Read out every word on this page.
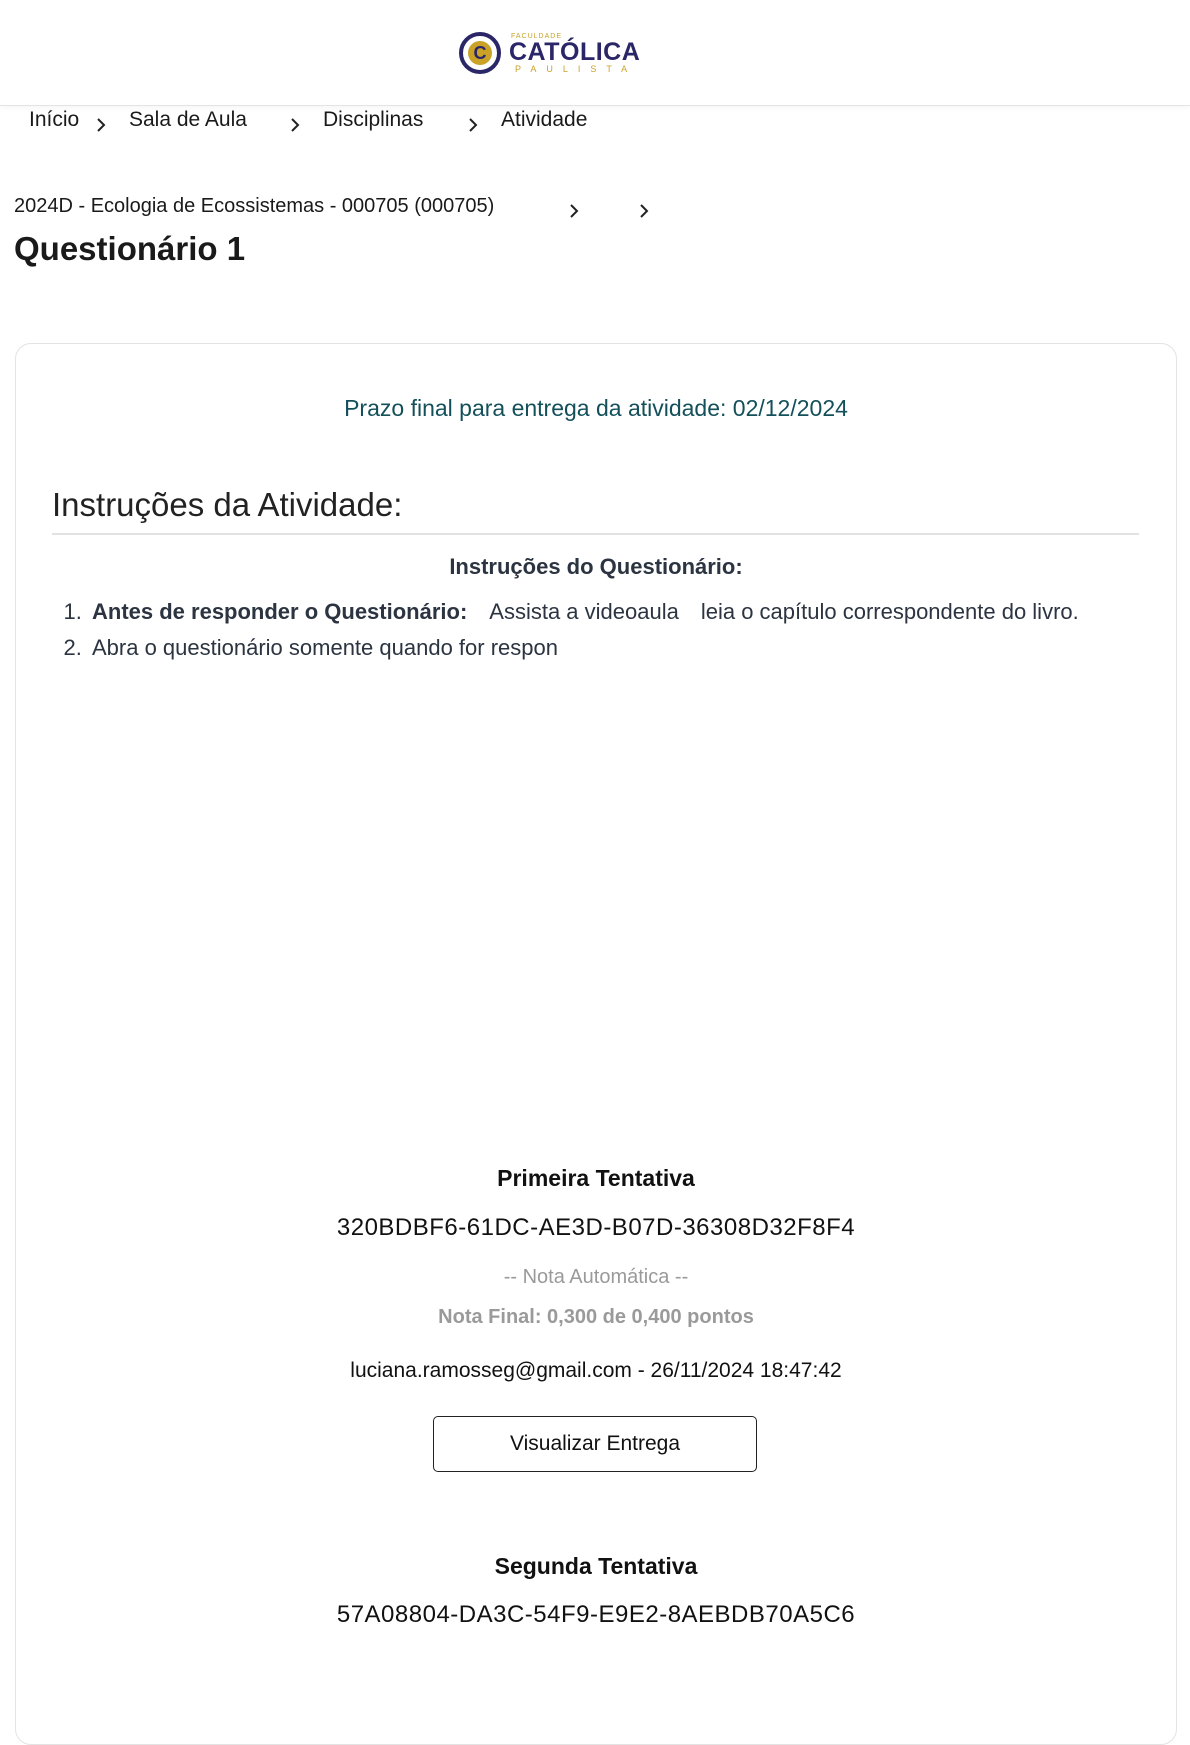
C
FACULDADE
CATÓLICA
PAULISTA
Início Sala de Aula	Disciplinas	Atividade
2024D - Ecologia de Ecossistemas - 000705 (000705)
Questionário 1
Prazo final para entrega da atividade: 02/12/2024
Instruções da Atividade:
Instruções do Questionário:
1. Antes de responder o Questionário: Assista a videoaula leia o capítulo correspondente do livro.
2. Abra o questionário somente quando for respon
Primeira Tentativa
320BDBF6-61DC-AE3D-B07D-36308D32F8F4
-- Nota Automática --
Nota Final: 0,300 de 0,400 pontos
luciana.ramosseg@gmail.com - 26/11/2024 18:47:42
Visualizar Entrega
Segunda Tentativa
57A08804-DA3C-54F9-E9E2-8AEBDB70A5C6
